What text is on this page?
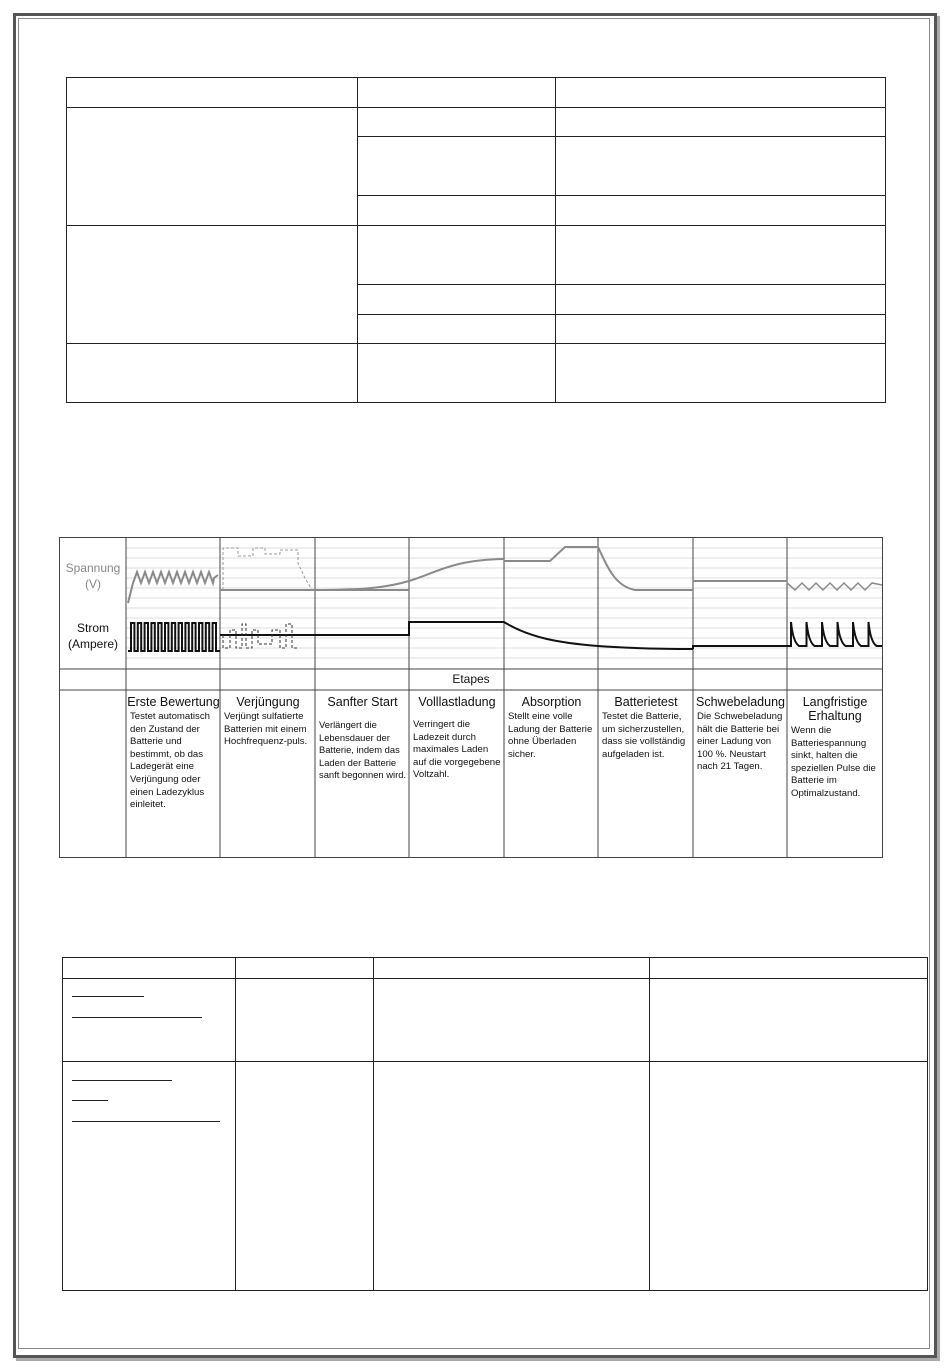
Spannung (V)
Strom (Ampere)
Etapes
Erste Bewertung
Testet automatisch den Zustand der Batterie und bestimmt, ob das Ladegerät eine Verjüngung oder einen Ladezyklus einleitet.
Verjüngung
Verjüngt sulfatierte Batterien mit einem Hochfrequenz-puls.
Sanfter Start
Verlängert die Lebensdauer der Batterie, indem das Laden der Batterie sanft begonnen wird.
Volllastladung
Verringert die Ladezeit durch maximales Laden auf die vorgegebene Voltzahl.
Absorption
Stellt eine volle Ladung der Batterie ohne Überladen sicher.
Batterietest
Testet die Batterie, um sicherzustellen, dass sie vollständig aufgeladen ist.
Schwebeladung
Die Schwebeladung hält die Batterie bei einer Ladung von 100 %. Neustart nach 21 Tagen.
Langfristige Erhaltung
Wenn die Batteriespannung sinkt, halten die speziellen Pulse die Batterie im Optimalzustand.
